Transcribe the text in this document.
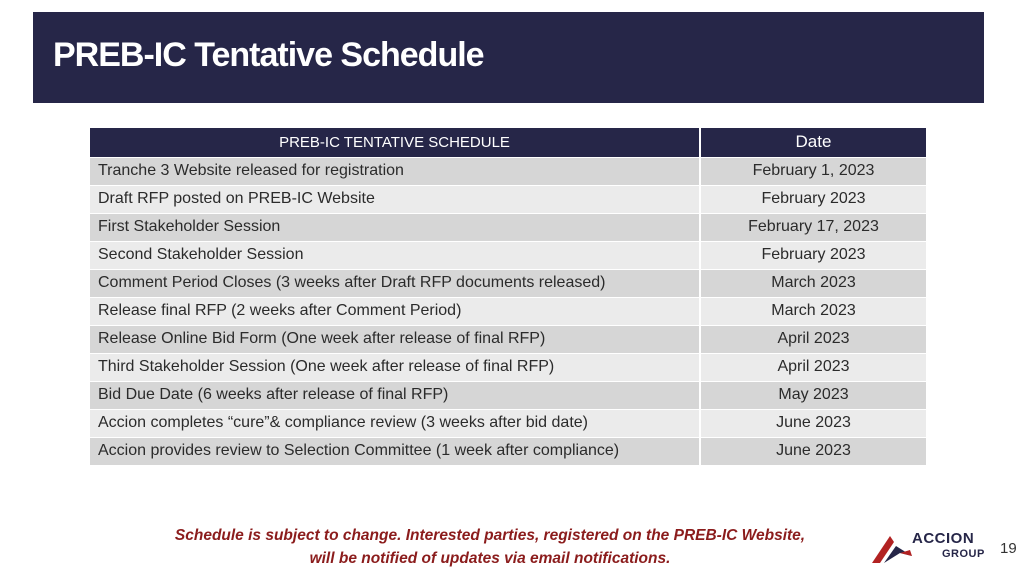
PREB-IC Tentative Schedule
PREB-IC TENTATIVE SCHEDULE	Date
Tranche 3 Website released for registration	February 1, 2023
Draft RFP posted on PREB-IC Website	February 2023
First Stakeholder Session	February 17, 2023
Second Stakeholder Session	February 2023
Comment Period Closes (3 weeks after Draft RFP documents released)	March 2023
Release final RFP (2 weeks after Comment Period)	March 2023
Release Online Bid Form (One week after release of final RFP)	April 2023
Third Stakeholder Session (One week after release of final RFP)	April 2023
Bid Due Date (6 weeks after release of final RFP)	May 2023
Accion completes “cure”& compliance review (3 weeks after bid date)	June 2023
Accion provides review to Selection Committee (1 week after compliance)	June 2023
Schedule is subject to change. Interested parties, registered on the PREB-IC Website,
will be notified of updates via email notifications.
ACCION
GROUP 19
